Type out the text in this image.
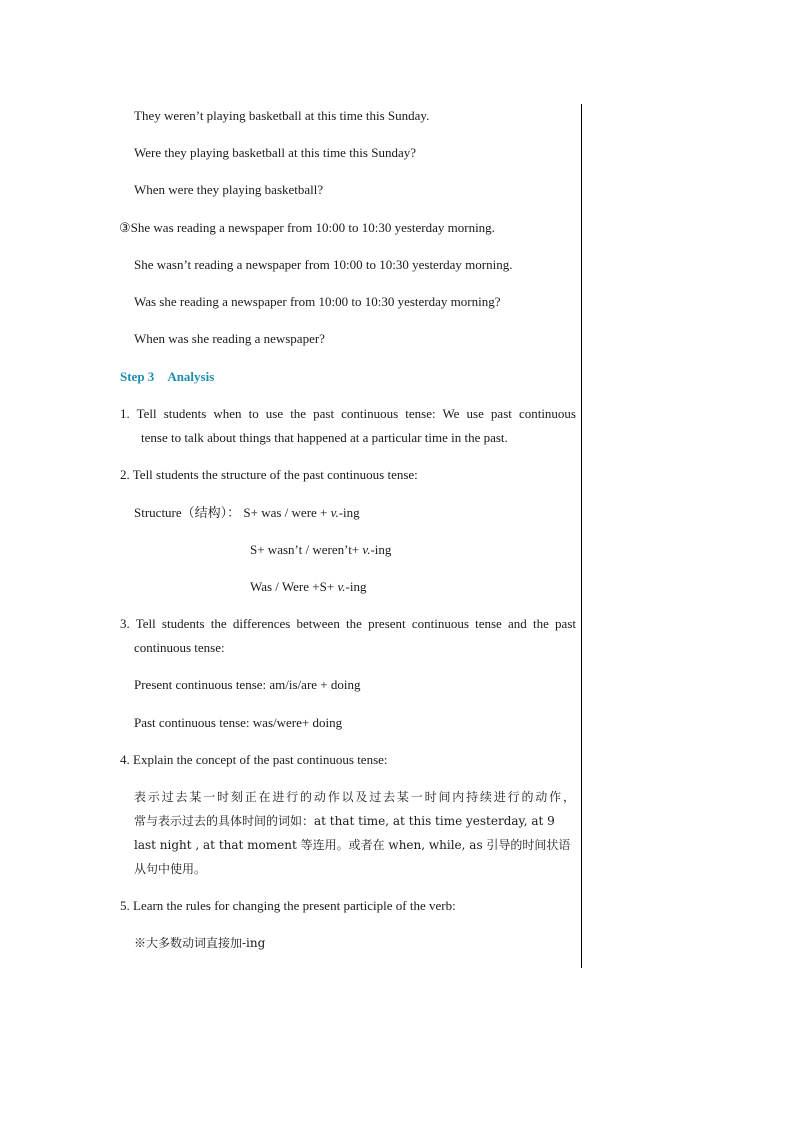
They weren’t playing basketball at this time this Sunday.
Were they playing basketball at this time this Sunday?
When were they playing basketball?
③She was reading a newspaper from 10:00 to 10:30 yesterday morning.
She wasn’t reading a newspaper from 10:00 to 10:30 yesterday morning.
Was she reading a newspaper from 10:00 to 10:30 yesterday morning?
When was she reading a newspaper?
Step 3 Analysis
1. Tell students when to use the past continuous tense: We use past continuous
tense to talk about things that happened at a particular time in the past.
2. Tell students the structure of the past continuous tense:
Structure（结构）： S+ was / were + v.-ing
S+ wasn’t / weren’t+ v.-ing
Was / Were +S+ v.-ing
3. Tell students the differences between the present continuous tense and the past
continuous tense:
Present continuous tense: am/is/are + doing
Past continuous tense: was/were+ doing
4. Explain the concept of the past continuous tense:
表示过去某一时刻正在进行的动作以及过去某一时间内持续进行的动作，
常与表示过去的具体时间的词如：at that time, at this time yesterday, at 9
last night , at that moment 等连用。或者在 when, while, as 引导的时间状语
从句中使用。
5. Learn the rules for changing the present participle of the verb:
※大多数动词直接加-ing
